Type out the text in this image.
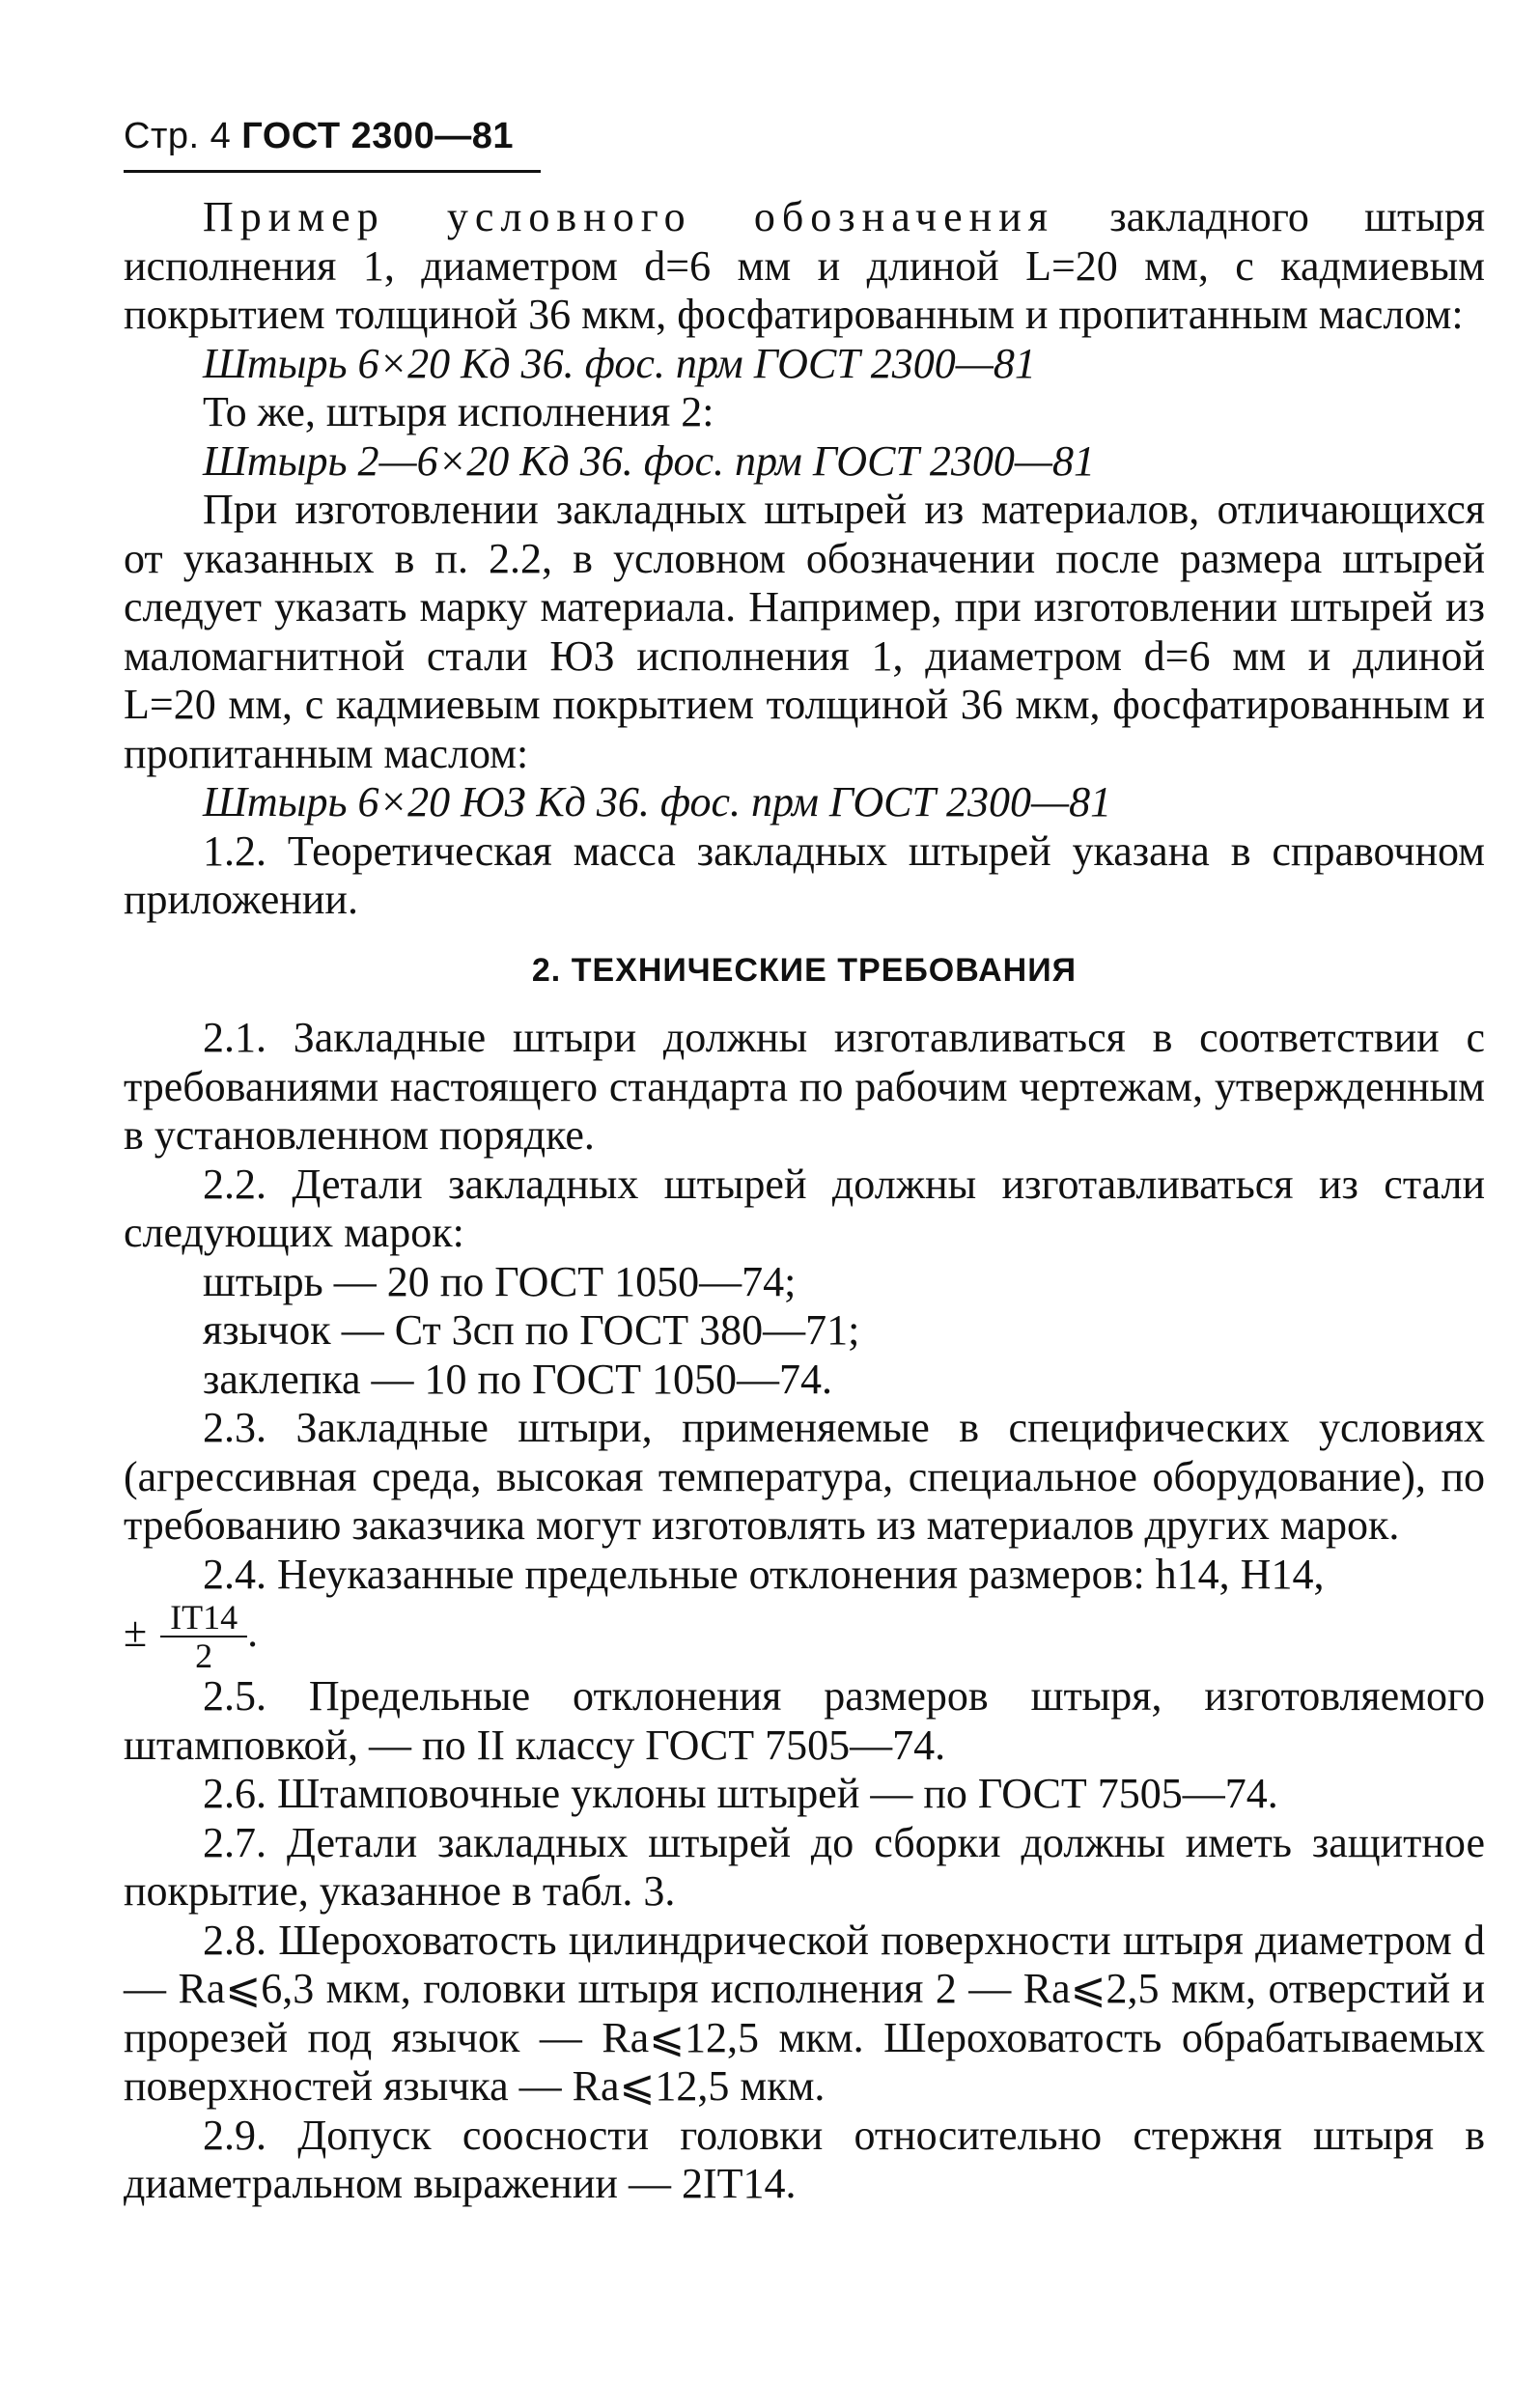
Стр. 4 ГОСТ 2300—81

Пример условного обозначения закладного штыря исполнения 1, диаметром d=6 мм и длиной L=20 мм, с кадмиевым покрытием толщиной 36 мкм, фосфатированным и пропитанным маслом:

Штырь 6×20 Кд 36. фос. прм ГОСТ 2300—81

То же, штыря исполнения 2:

Штырь 2—6×20 Кд 36. фос. прм ГОСТ 2300—81

При изготовлении закладных штырей из материалов, отличающихся от указанных в п. 2.2, в условном обозначении после размера штырей следует указать марку материала. Например, при изготовлении штырей из маломагнитной стали ЮЗ исполнения 1, диаметром d=6 мм и длиной L=20 мм, с кадмиевым покрытием толщиной 36 мкм, фосфатированным и пропитанным маслом:

Штырь 6×20 ЮЗ Кд 36. фос. прм ГОСТ 2300—81

1.2. Теоретическая масса закладных штырей указана в справочном приложении.

2. ТЕХНИЧЕСКИЕ ТРЕБОВАНИЯ

2.1. Закладные штыри должны изготавливаться в соответствии с требованиями настоящего стандарта по рабочим чертежам, утвержденным в установленном порядке.

2.2. Детали закладных штырей должны изготавливаться из стали следующих марок:

штырь — 20 по ГОСТ 1050—74;

язычок — Ст 3сп по ГОСТ 380—71;

заклепка — 10 по ГОСТ 1050—74.

2.3. Закладные штыри, применяемые в специфических условиях (агрессивная среда, высокая температура, специальное оборудование), по требованию заказчика могут изготовлять из материалов других марок.

2.4. Неуказанные предельные отклонения размеров: h14, H14,

± $\frac{IT14}{2}$ .

2.5. Предельные отклонения размеров штыря, изготовляемого штамповкой, — по II классу ГОСТ 7505—74.

2.6. Штамповочные уклоны штырей — по ГОСТ 7505—74.

2.7. Детали закладных штырей до сборки должны иметь защитное покрытие, указанное в табл. 3.

2.8. Шероховатость цилиндрической поверхности штыря диаметром d — Ra⩽6,3 мкм, головки штыря исполнения 2 — Ra⩽2,5 мкм, отверстий и прорезей под язычок — Ra⩽12,5 мкм. Шероховатость обрабатываемых поверхностей язычка — Ra⩽12,5 мкм.

2.9. Допуск соосности головки относительно стержня штыря в диаметральном выражении — 2IT14.
